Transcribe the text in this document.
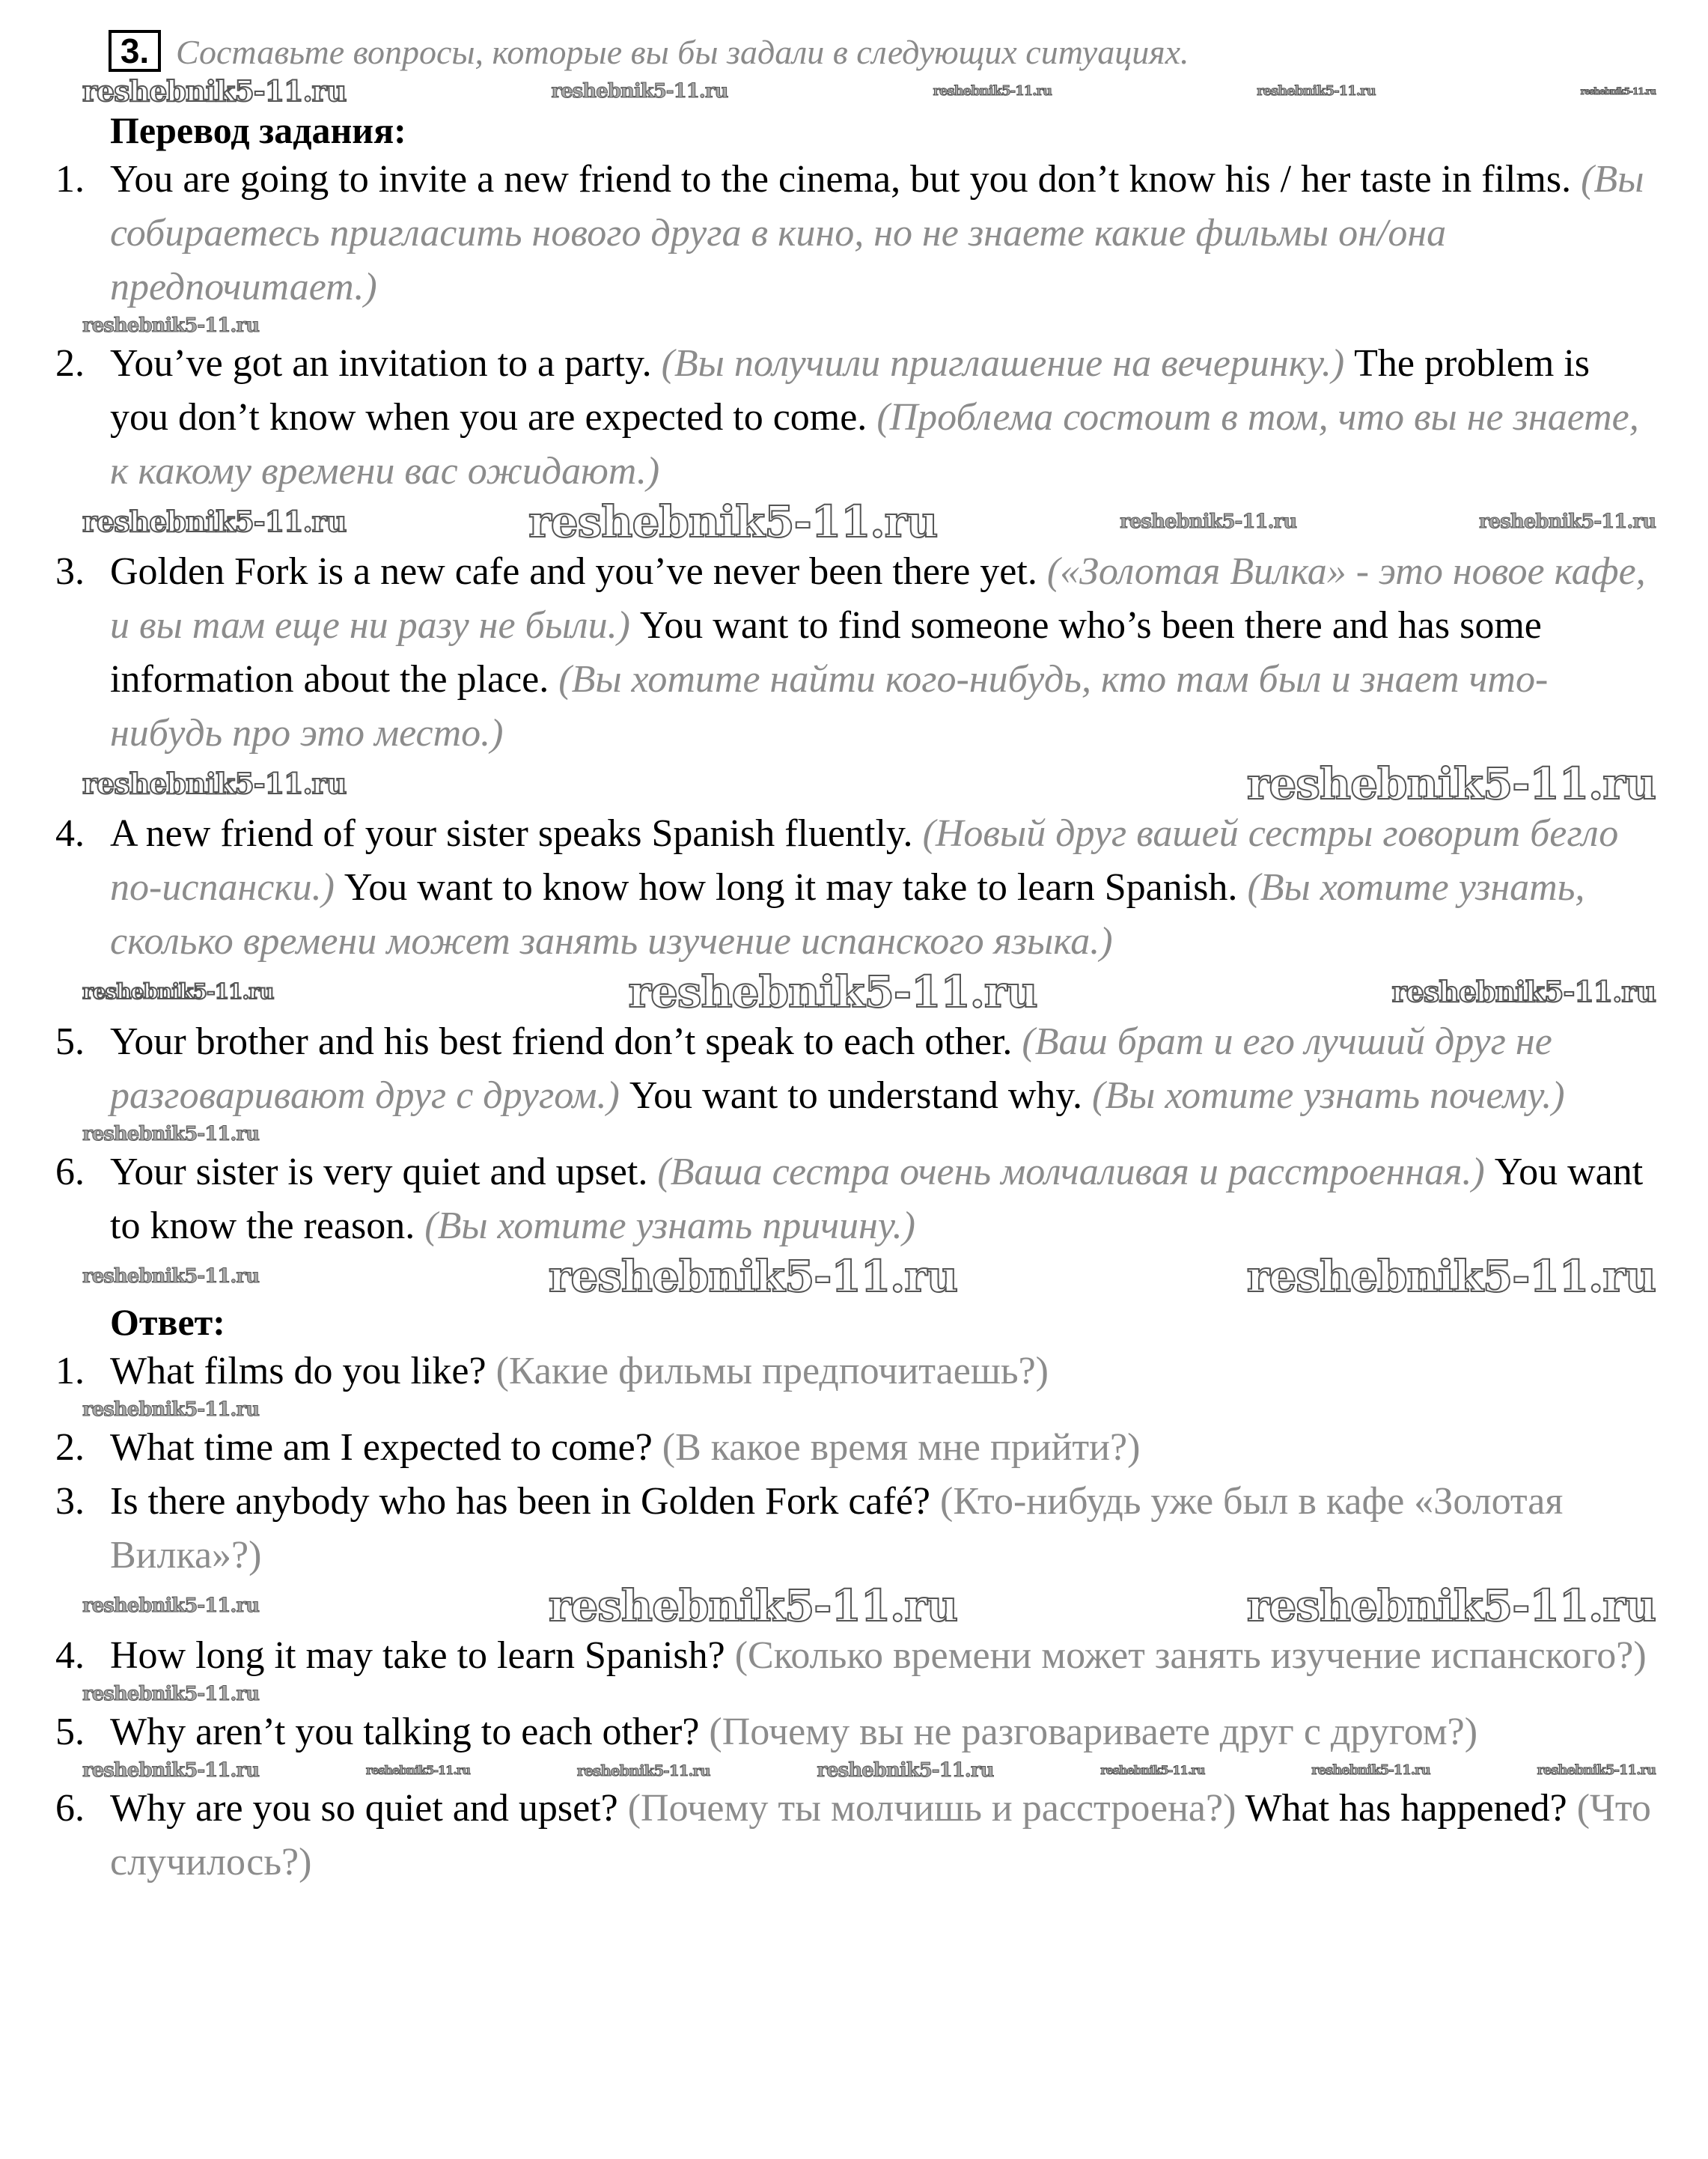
3. Составьте вопросы, которые вы бы задали в следующих ситуациях.
reshebnik5-11.ru	reshebnik5-11.ru	reshebnik5-11.ru	reshebnik5-11.ru	reshebnik5-11.ru
Перевод задания:
1. You are going to invite a new friend to the cinema, but you don’t know his / her taste in films. (Вы собираетесь пригласить нового друга в кино, но не знаете какие фильмы он/она предпочитает.)
reshebnik5-11.ru
2. You’ve got an invitation to a party. (Вы получили приглашение на вечеринку.) The problem is you don’t know when you are expected to come. (Проблема состоит в том, что вы не знаете, к какому времени вас ожидают.)
reshebnik5-11.ru	reshebnik5-11.ru	reshebnik5-11.ru	reshebnik5-11.ru
3. Golden Fork is a new cafe and you’ve never been there yet. («Золотая Вилка» - это новое кафе, и вы там еще ни разу не были.) You want to find someone who’s been there and has some information about the place. (Вы хотите найти кого-нибудь, кто там был и знает что-нибудь про это место.)
reshebnik5-11.ru	reshebnik5-11.ru
4. A new friend of your sister speaks Spanish fluently. (Новый друг вашей сестры говорит бегло по-испански.) You want to know how long it may take to learn Spanish. (Вы хотите узнать, сколько времени может занять изучение испанского языка.)
reshebnik5-11.ru	reshebnik5-11.ru	reshebnik5-11.ru
5. Your brother and his best friend don’t speak to each other. (Ваш брат и его лучший друг не разговаривают друг с другом.) You want to understand why. (Вы хотите узнать почему.)
reshebnik5-11.ru
6. Your sister is very quiet and upset. (Ваша сестра очень молчаливая и расстроенная.) You want to know the reason. (Вы хотите узнать причину.)
reshebnik5-11.ru	reshebnik5-11.ru	reshebnik5-11.ru
Ответ:
1. What films do you like? (Какие фильмы предпочитаешь?)
reshebnik5-11.ru
2. What time am I expected to come? (В какое время мне прийти?)
3. Is there anybody who has been in Golden Fork café? (Кто-нибудь уже был в кафе «Золотая Вилка»?)
reshebnik5-11.ru	reshebnik5-11.ru	reshebnik5-11.ru
4. How long it may take to learn Spanish? (Сколько времени может занять изучение испанского?)
reshebnik5-11.ru
5. Why aren’t you talking to each other? (Почему вы не разговариваете друг с другом?)
reshebnik5-11.ru	reshebnik5-11.ru	reshebnik5-11.ru	reshebnik5-11.ru	reshebnik5-11.ru	reshebnik5-11.ru	reshebnik5-11.ru
6. Why are you so quiet and upset? (Почему ты молчишь и расстроена?) What has happened? (Что случилось?)
